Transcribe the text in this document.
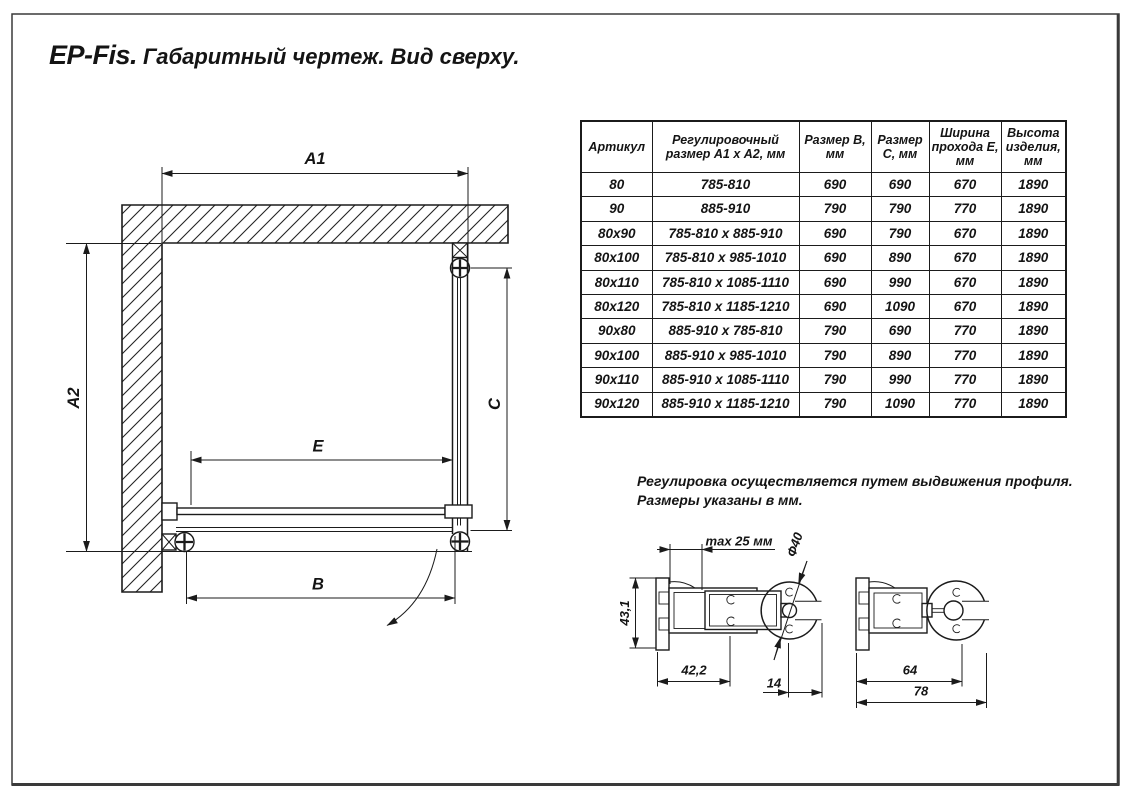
A1
A2	C
E
B
max 25 мм
43,1
42,2
14
Ф40
64
78
EP-Fis. Габаритный чертеж. Вид сверху.
Артикул	Регулировочный размер А1 х А2, мм	Размер В, мм	Размер С, мм	Ширина прохода Е, мм	Высота изделия, мм
80	785-810	690	690	670	1890
90	885-910	790	790	770	1890
80x90	785-810 x 885-910	690	790	670	1890
80x100	785-810 x 985-1010	690	890	670	1890
80x110	785-810 x 1085-1110	690	990	670	1890
80x120	785-810 x 1185-1210	690	1090	670	1890
90x80	885-910 x 785-810	790	690	770	1890
90x100	885-910 x 985-1010	790	890	770	1890
90x110	885-910 x 1085-1110	790	990	770	1890
90x120	885-910 x 1185-1210	790	1090	770	1890
Регулировка осуществляется путем выдвижения профиля.
Размеры указаны в мм.
